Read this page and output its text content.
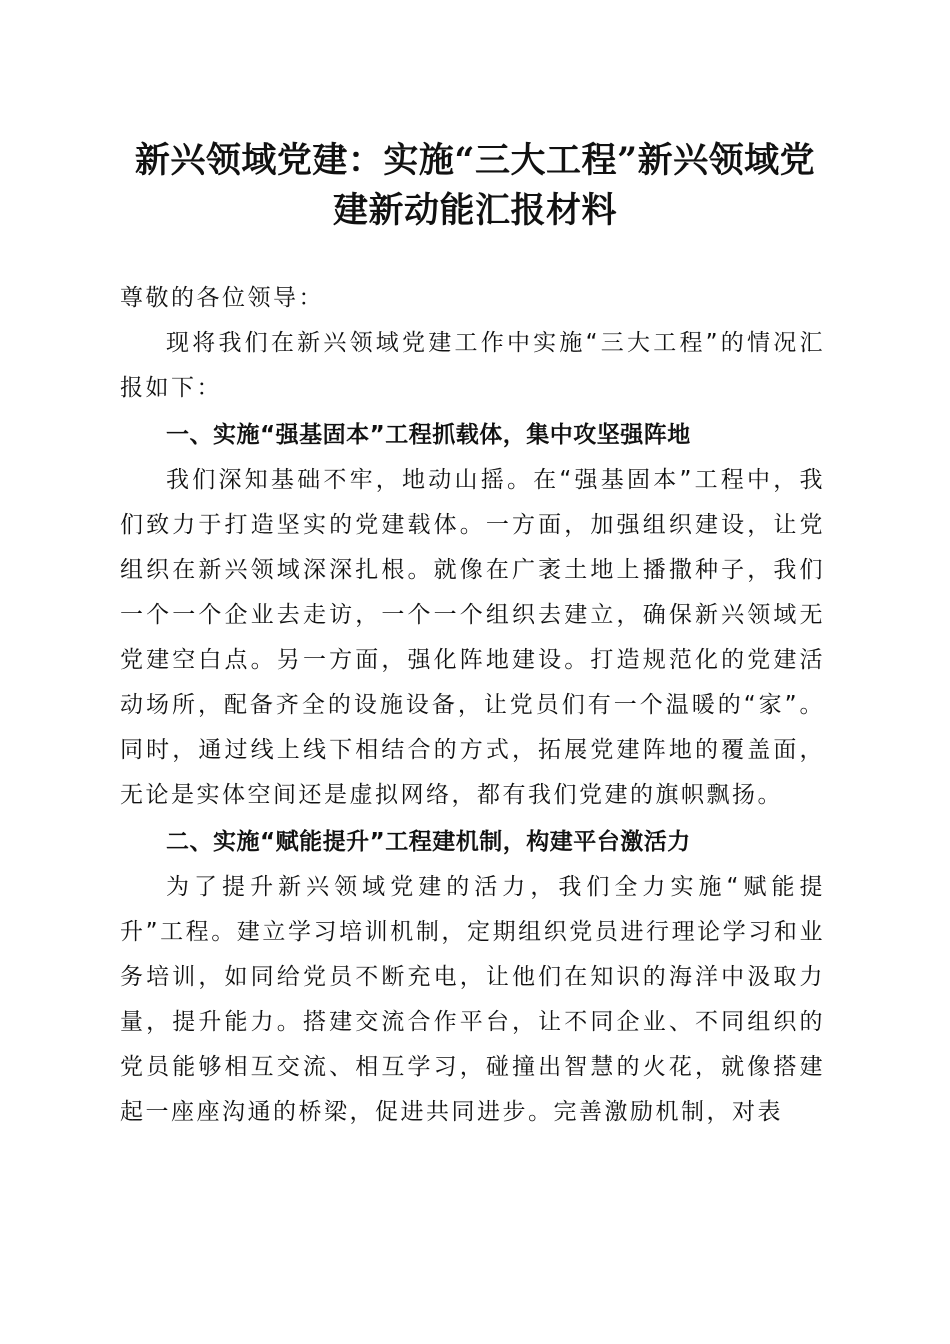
新兴领域党建：实施“三大工程”新兴领域党
建新动能汇报材料

尊敬的各位领导：

现将我们在新兴领域党建工作中实施“三大工程”的情况汇报如下：

一、实施“强基固本”工程抓载体，集中攻坚强阵地

我们深知基础不牢，地动山摇。在“强基固本”工程中，我们致力于打造坚实的党建载体。一方面，加强组织建设，让党组织在新兴领域深深扎根。就像在广袤土地上播撒种子，我们一个一个企业去走访，一个一个组织去建立，确保新兴领域无党建空白点。另一方面，强化阵地建设。打造规范化的党建活动场所，配备齐全的设施设备，让党员们有一个温暖的“家”。同时，通过线上线下相结合的方式，拓展党建阵地的覆盖面，无论是实体空间还是虚拟网络，都有我们党建的旗帜飘扬。

二、实施“赋能提升”工程建机制，构建平台激活力

为了提升新兴领域党建的活力，我们全力实施“赋能提升”工程。建立学习培训机制，定期组织党员进行理论学习和业务培训，如同给党员不断充电，让他们在知识的海洋中汲取力量，提升能力。搭建交流合作平台，让不同企业、不同组织的党员能够相互交流、相互学习，碰撞出智慧的火花，就像搭建起一座座沟通的桥梁，促进共同进步。完善激励机制，对表
